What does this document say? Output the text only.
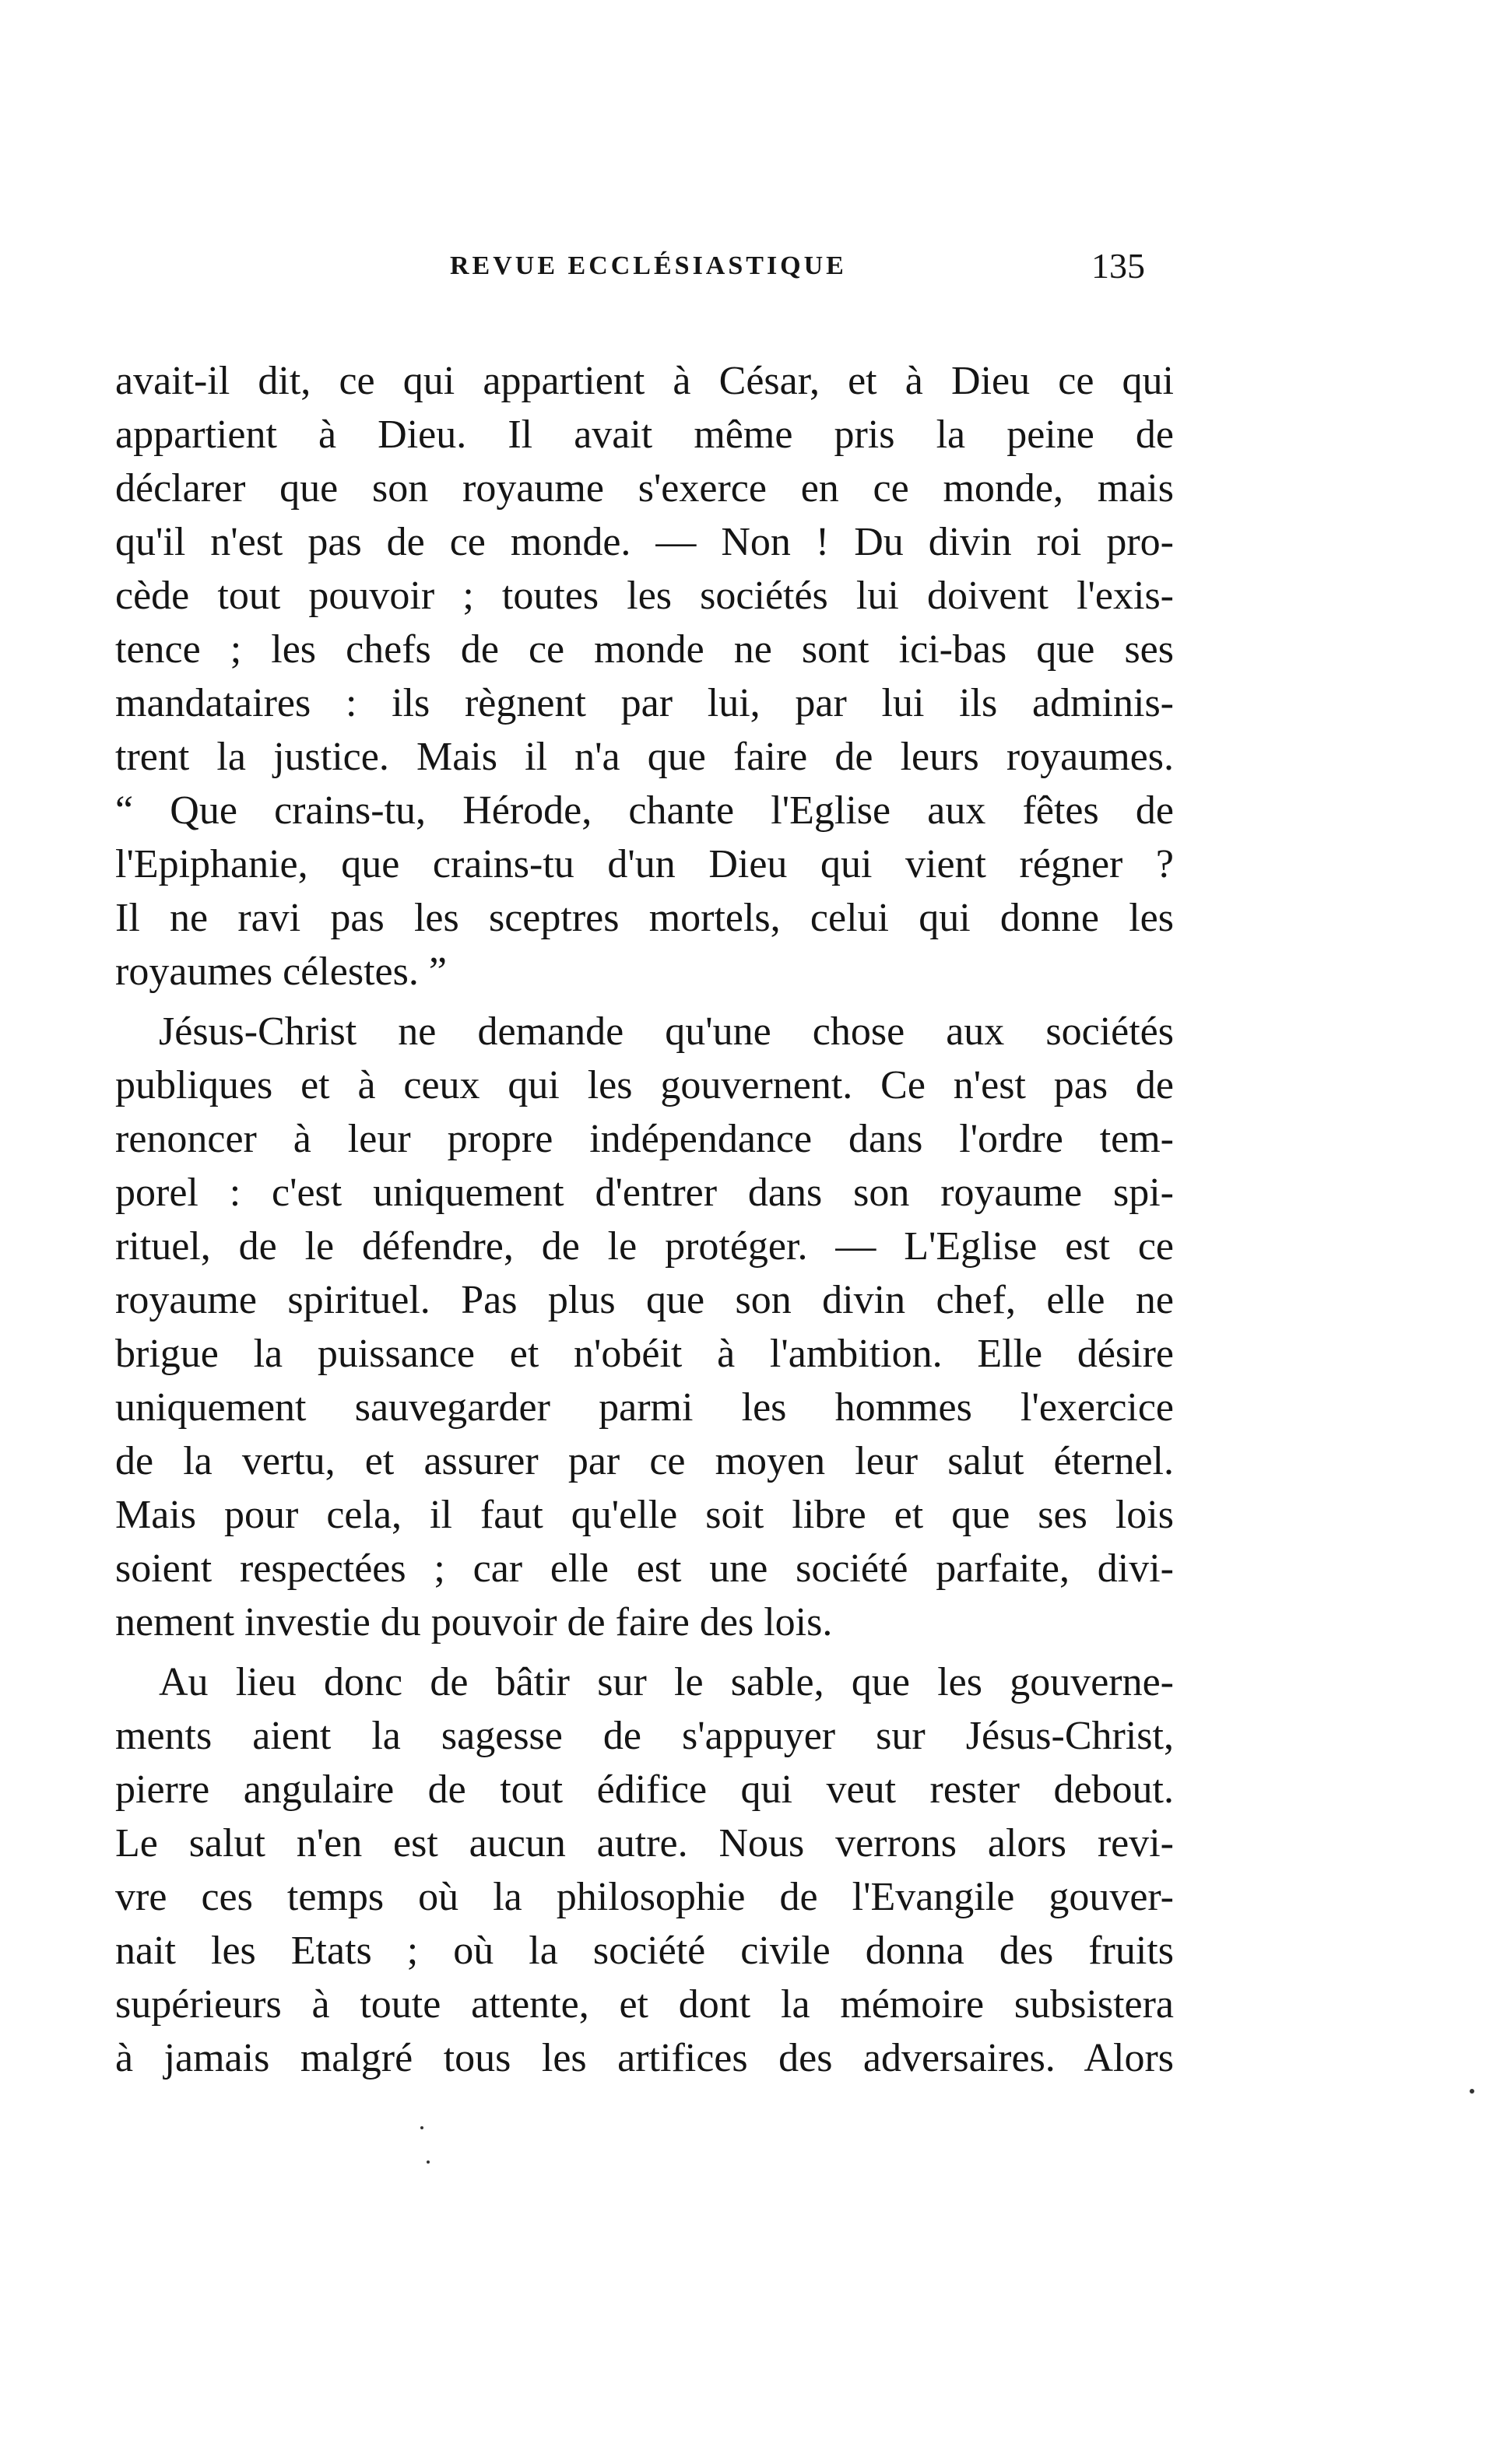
REVUE ECCLÉSIASTIQUE	135
avait-il dit, ce qui appartient à César, et à Dieu ce qui
appartient à Dieu. Il avait même pris la peine de
déclarer que son royaume s'exerce en ce monde, mais
qu'il n'est pas de ce monde. — Non ! Du divin roi pro-
cède tout pouvoir ; toutes les sociétés lui doivent l'exis-
tence ; les chefs de ce monde ne sont ici-bas que ses
mandataires : ils règnent par lui, par lui ils adminis-
trent la justice. Mais il n'a que faire de leurs royaumes.
“ Que crains-tu, Hérode, chante l'Eglise aux fêtes de
l'Epiphanie, que crains-tu d'un Dieu qui vient régner ?
Il ne ravi pas les sceptres mortels, celui qui donne les
royaumes célestes. ”
Jésus-Christ ne demande qu'une chose aux sociétés
publiques et à ceux qui les gouvernent. Ce n'est pas de
renoncer à leur propre indépendance dans l'ordre tem-
porel : c'est uniquement d'entrer dans son royaume spi-
rituel, de le défendre, de le protéger. — L'Eglise est ce
royaume spirituel. Pas plus que son divin chef, elle ne
brigue la puissance et n'obéit à l'ambition. Elle désire
uniquement sauvegarder parmi les hommes l'exercice
de la vertu, et assurer par ce moyen leur salut éternel.
Mais pour cela, il faut qu'elle soit libre et que ses lois
soient respectées ; car elle est une société parfaite, divi-
nement investie du pouvoir de faire des lois.
Au lieu donc de bâtir sur le sable, que les gouverne-
ments aient la sagesse de s'appuyer sur Jésus-Christ,
pierre angulaire de tout édifice qui veut rester debout.
Le salut n'en est aucun autre. Nous verrons alors revi-
vre ces temps où la philosophie de l'Evangile gouver-
nait les Etats ; où la société civile donna des fruits
supérieurs à toute attente, et dont la mémoire subsistera
à jamais malgré tous les artifices des adversaires. Alors
